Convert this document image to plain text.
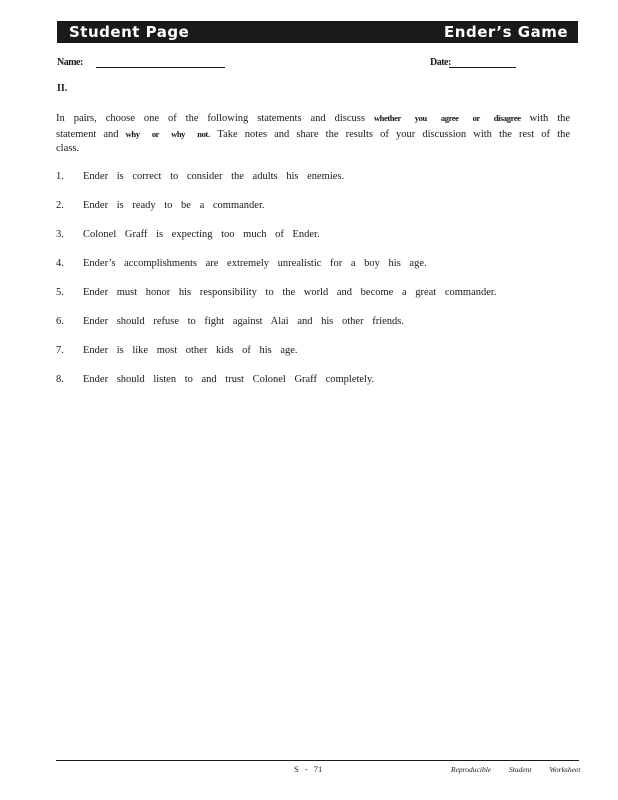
Student Page	Ender’s Game
Name:	Date:
II.
In pairs, choose one of the following statements and discuss whether you agree or disagree with the statement and why or why not. Take notes and share the results of your discussion with the rest of the class.
1.	Ender is correct to consider the adults his enemies.
2.	Ender is ready to be a commander.
3.	Colonel Graff is expecting too much of Ender.
4.	Ender’s accomplishments are extremely unrealistic for a boy his age.
5.	Ender must honor his responsibility to the world and become a great commander.
6.	Ender should refuse to fight against Alai and his other friends.
7.	Ender is like most other kids of his age.
8.	Ender should listen to and trust Colonel Graff completely.
S - 71	Reproducible Student Worksheet
